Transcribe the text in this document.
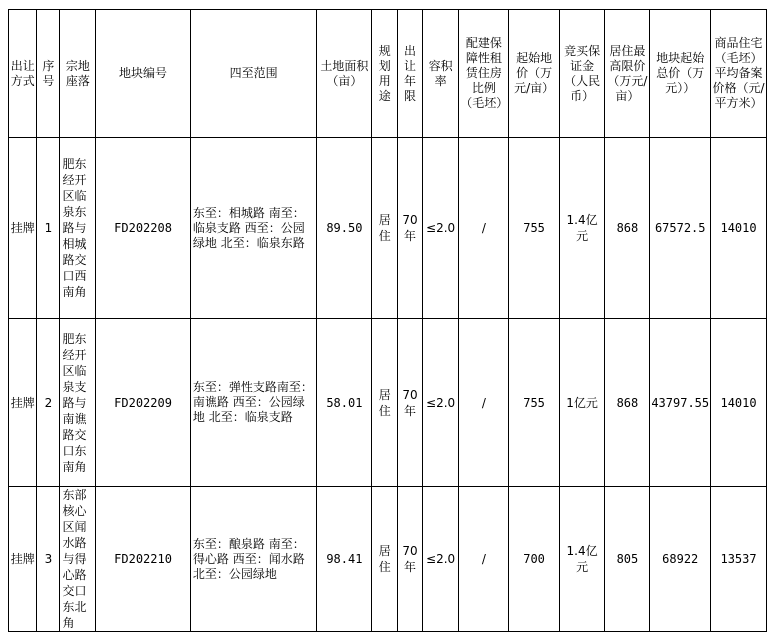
出让方式	序号	宗地座落	地块编号	四至范围	土地面积（亩）	规划用途	出让年限	容积率	配建保障性租赁住房比例（毛坯）	起始地价（万元/亩）	竞买保证金（人民币）	居住最高限价（万元/亩）	地块起始总价（万元））	商品住宅（毛坯）平均备案价格（元/平方米）
挂牌	1	肥东经开区临泉东路与相城路交口西南角	FD202208	东至：相城路 南至：临泉支路 西至：公园绿地 北至：临泉东路	89.50	居住	70年	≤2.0	/	755	1.4亿元	868	67572.5	14010
挂牌	2	肥东经开区临泉支路与南谯路交口东南角	FD202209	东至：弹性支路南至：南谯路 西至：公园绿地 北至：临泉支路	58.01	居住	70年	≤2.0	/	755	1亿元	868	43797.55	14010
挂牌	3	东部核心区闻水路与得心路交口东北角	FD202210	东至：酿泉路 南至：得心路 西至：闻水路 北至：公园绿地	98.41	居住	70年	≤2.0	/	700	1.4亿元	805	68922	13537
